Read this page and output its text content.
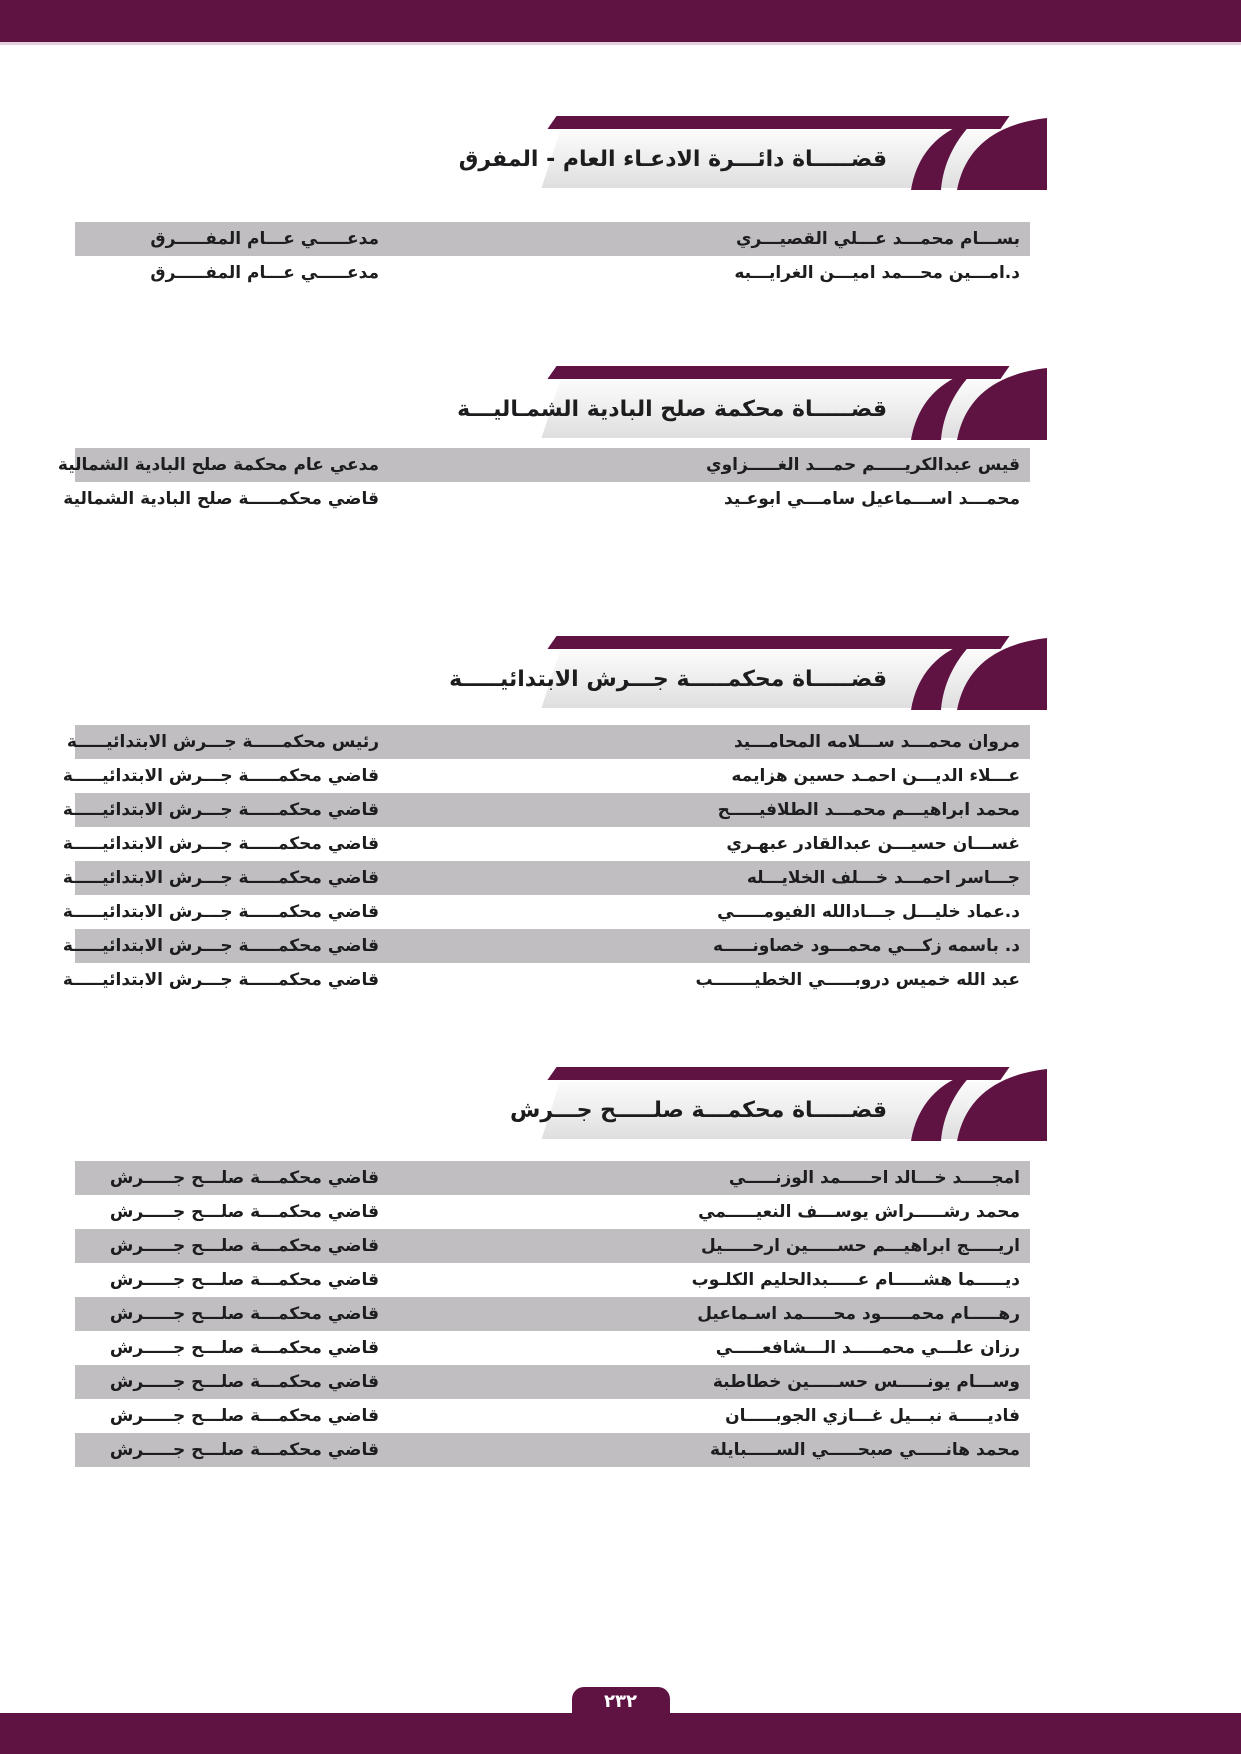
قضـــــاة دائـــرة الادعـاء العام - المفرق
بســـام محمـــد عـــلي القصيـــري
مدعـــــي عـــام المفـــــرق
د.امـــين محـــمد اميـــن الغرايـــبه
مدعـــــي عـــام المفـــــرق
قضـــــاة محكمة صلح البادية الشمـاليـــة
قيس عبدالكريـــــم حمـــد الغـــــزاوي
مدعي عام محكمة صلح البادية الشمالية
محمـــد اســـماعيل سامـــي ابوعـيد
قاضي محكمـــــة صلح البادية الشمالية
قضـــــاة محكمـــــة جـــرش الابتدائيـــــة
مروان محمـــد ســـلامه المحامـــيد
رئيس محكمـــــة جـــرش الابتدائيـــــة
عـــلاء الديـــن احمـد حسين هزايمه
قاضي محكمـــــة جـــرش الابتدائيـــــة
محمد ابراهيـــم محمـــد الطلافيـــــح
قاضي محكمـــــة جـــرش الابتدائيـــــة
غســـان حسيـــن عبدالقادر عبهـري
قاضي محكمـــــة جـــرش الابتدائيـــــة
جـــاسر احمـــد خـــلف الخلايـــله
قاضي محكمـــــة جـــرش الابتدائيـــــة
د.عماد خليـــل جـــادالله الفيومـــــي
قاضي محكمـــــة جـــرش الابتدائيـــــة
د. باسمه زكـــي محمـــود خصاونـــــه
قاضي محكمـــــة جـــرش الابتدائيـــــة
عبد الله خميس دروبـــــي الخطيـــــــب
قاضي محكمـــــة جـــرش الابتدائيـــــة
قضـــــاة محكمـــة صلـــــح جـــرش
امجـــــد خـــالد احـــــمد الوزنـــــي
قاضي محكمـــة صلـــح جـــــرش
محمد رشـــــراش يوســـف النعيـــــمي
قاضي محكمـــة صلـــح جـــــرش
اريـــــج ابراهيـــم حســـــين ارحـــــيل
قاضي محكمـــة صلـــح جـــــرش
ديـــــما هشـــــام عـــــبدالحليم الكلـوب
قاضي محكمـــة صلـــح جـــــرش
رهـــــام محمـــــود محـــــمد اسـماعيل
قاضي محكمـــة صلـــح جـــــرش
رزان علـــي محمـــــد الـــشافعـــــي
قاضي محكمـــة صلـــح جـــــرش
وســـام يونـــــس حســـــين خطاطبة
قاضي محكمـــة صلـــح جـــــرش
فاديـــــة نبـــيل غـــازي الجوبـــــان
قاضي محكمـــة صلـــح جـــــرش
محمد هانـــــي صبحـــــي الســـــبايلة
قاضي محكمـــة صلـــح جـــــرش
٢٣٢
